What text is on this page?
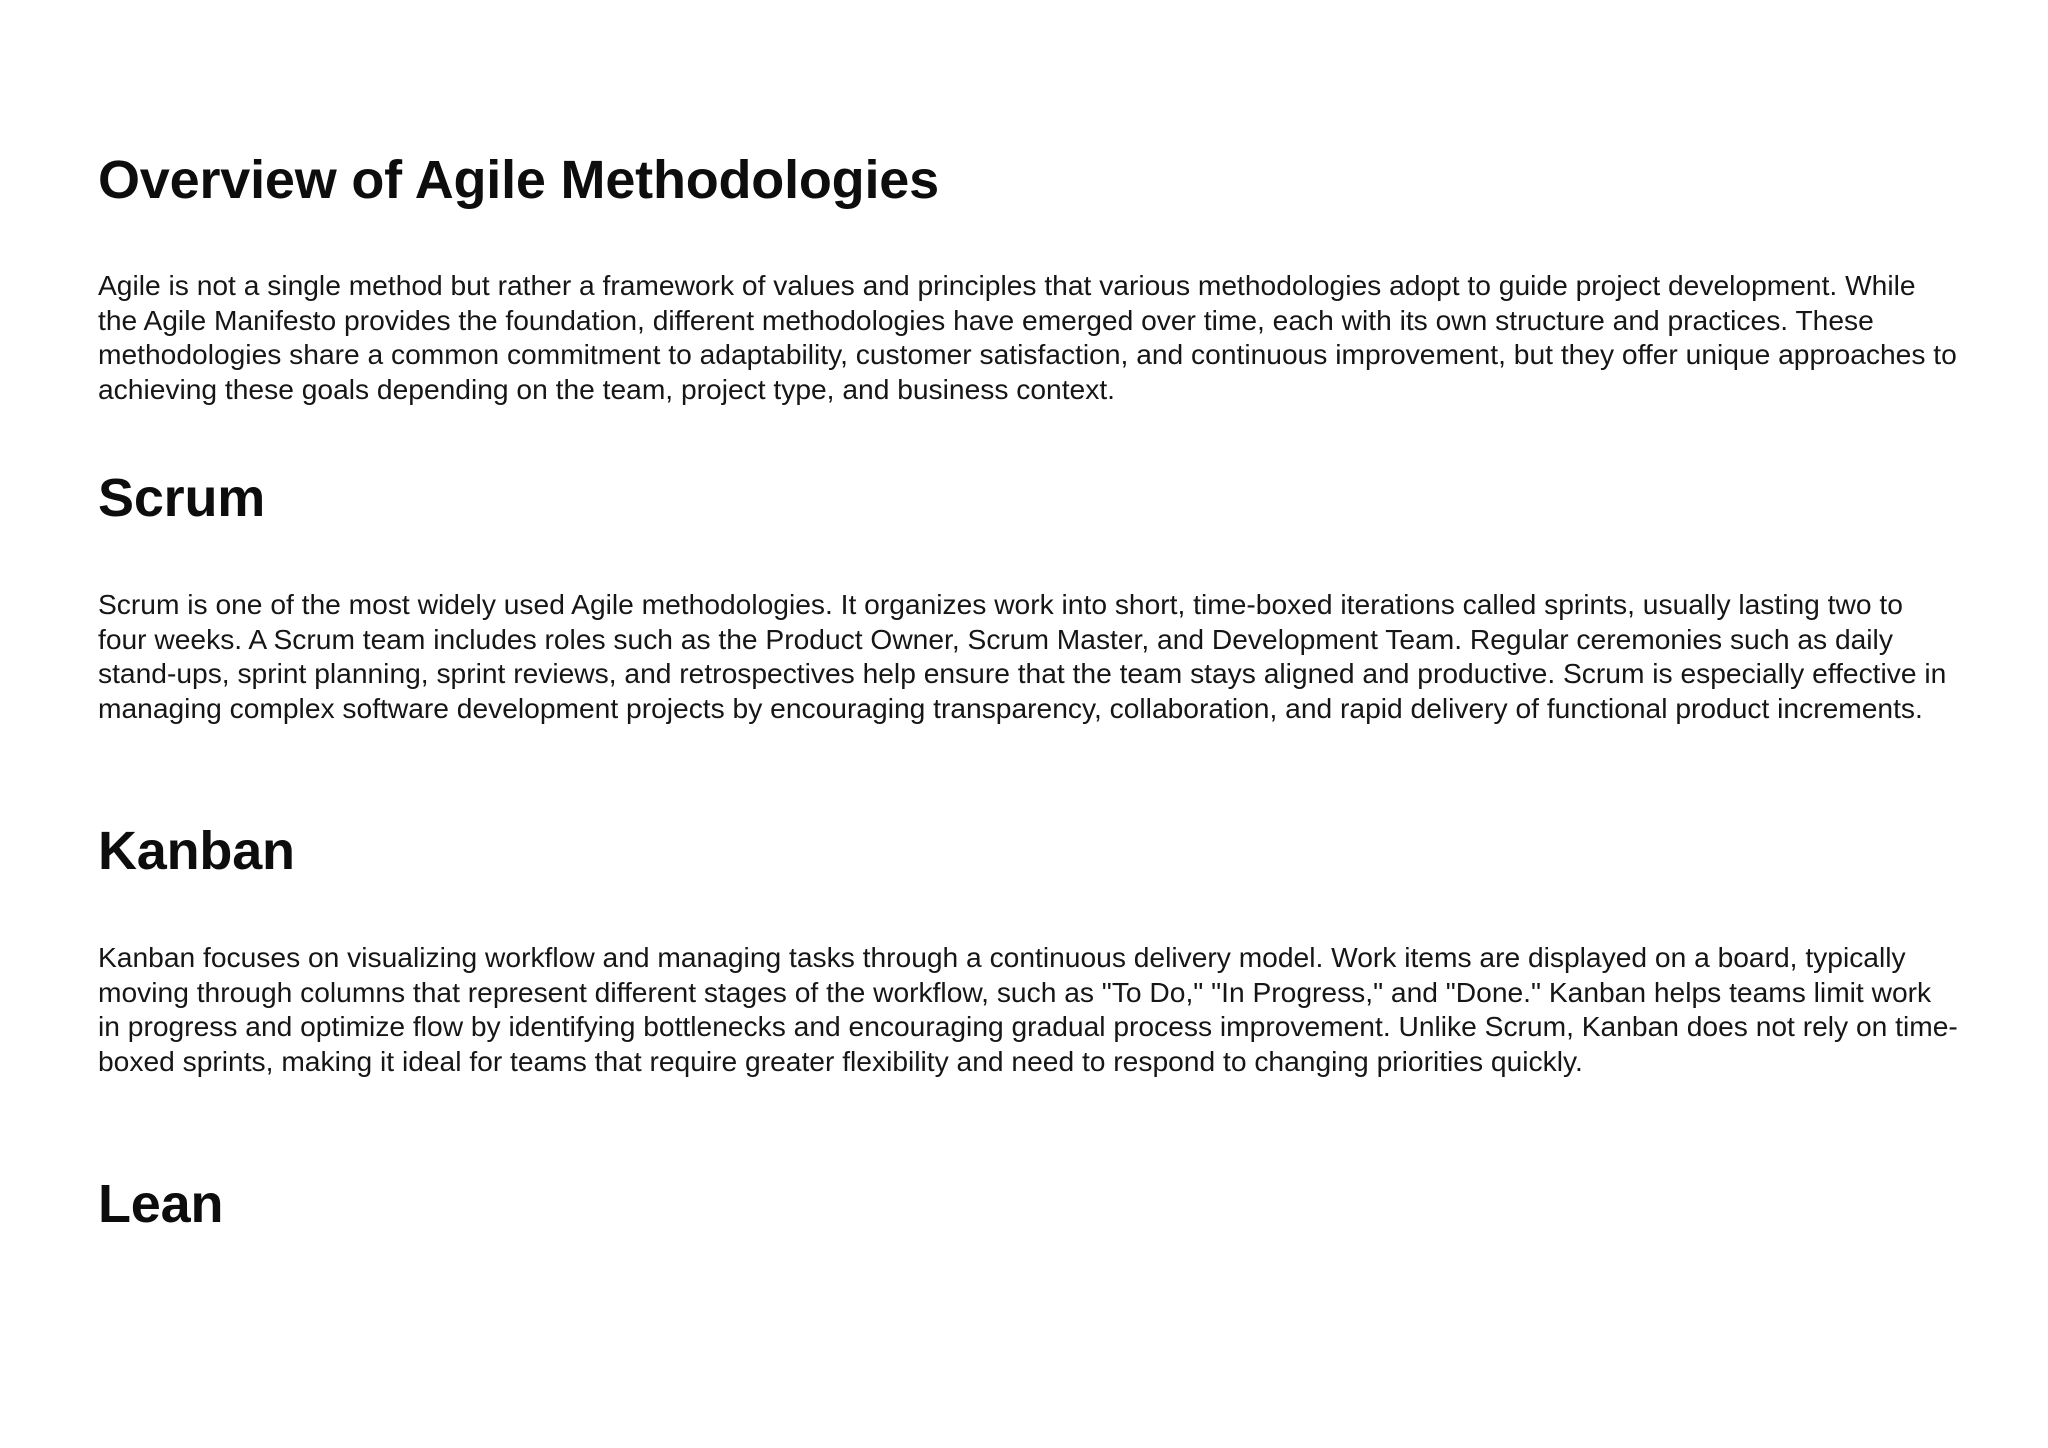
Overview of Agile Methodologies

Agile is not a single method but rather a framework of values and principles that various methodologies adopt to guide project development. While the Agile Manifesto provides the foundation, different methodologies have emerged over time, each with its own structure and practices. These methodologies share a common commitment to adaptability, customer satisfaction, and continuous improvement, but they offer unique approaches to achieving these goals depending on the team, project type, and business context.

Scrum

Scrum is one of the most widely used Agile methodologies. It organizes work into short, time-boxed iterations called sprints, usually lasting two to four weeks. A Scrum team includes roles such as the Product Owner, Scrum Master, and Development Team. Regular ceremonies such as daily stand-ups, sprint planning, sprint reviews, and retrospectives help ensure that the team stays aligned and productive. Scrum is especially effective in managing complex software development projects by encouraging transparency, collaboration, and rapid delivery of functional product increments.

Kanban

Kanban focuses on visualizing workflow and managing tasks through a continuous delivery model. Work items are displayed on a board, typically moving through columns that represent different stages of the workflow, such as "To Do," "In Progress," and "Done." Kanban helps teams limit work in progress and optimize flow by identifying bottlenecks and encouraging gradual process improvement. Unlike Scrum, Kanban does not rely on time-boxed sprints, making it ideal for teams that require greater flexibility and need to respond to changing priorities quickly.

Lean
